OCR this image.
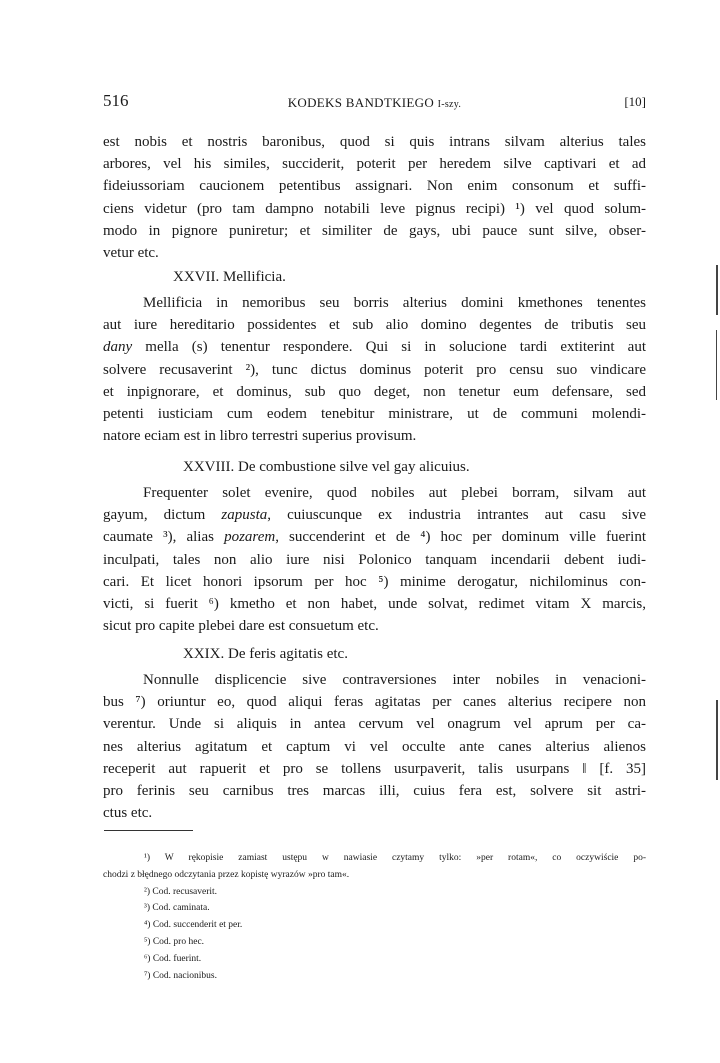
516	KODEKS BANDTKIEGO I-szy.	[10]
est nobis et nostris baronibus, quod si quis intrans silvam alterius tales
arbores, vel his similes, succiderit, poterit per heredem silve captivari et ad
fideiussoriam caucionem petentibus assignari. Non enim consonum et suffi-
ciens videtur (pro tam dampno notabili leve pignus recipi) ¹) vel quod solum-
modo in pignore puniretur; et similiter de gays, ubi pauce sunt silve, obser-
vetur etc.
XXVII. Mellificia.
Mellificia in nemoribus seu borris alterius domini kmethones tenentes
aut iure hereditario possidentes et sub alio domino degentes de tributis seu
dany mella (s) tenentur respondere. Qui si in solucione tardi extiterint aut
solvere recusaverint ²), tunc dictus dominus poterit pro censu suo vindicare
et inpignorare, et dominus, sub quo deget, non tenetur eum defensare, sed
petenti iusticiam cum eodem tenebitur ministrare, ut de communi molendi-
natore eciam est in libro terrestri superius provisum.
XXVIII. De combustione silve vel gay alicuius.
Frequenter solet evenire, quod nobiles aut plebei borram, silvam aut
gayum, dictum zapusta, cuiuscunque ex industria intrantes aut casu sive
caumate ³), alias pozarem, succenderint et de ⁴) hoc per dominum ville fuerint
inculpati, tales non alio iure nisi Polonico tanquam incendarii debent iudi-
cari. Et licet honori ipsorum per hoc ⁵) minime derogatur, nichilominus con-
victi, si fuerit ⁶) kmetho et non habet, unde solvat, redimet vitam X marcis,
sicut pro capite plebei dare est consuetum etc.
XXIX. De feris agitatis etc.
Nonnulle displicencie sive contraversiones inter nobiles in venacioni-
bus ⁷) oriuntur eo, quod aliqui feras agitatas per canes alterius recipere non
verentur. Unde si aliquis in antea cervum vel onagrum vel aprum per ca-
nes alterius agitatum et captum vi vel occulte ante canes alterius alienos
receperit aut rapuerit et pro se tollens usurpaverit, talis usurpans ‖ [f. 35]
pro ferinis seu carnibus tres marcas illi, cuius fera est, solvere sit astri-
ctus etc.
¹) W rękopisie zamiast ustępu w nawiasie czytamy tylko: »per rotam«, co oczywiście po-
chodzi z błędnego odczytania przez kopistę wyrazów »pro tam«.
²) Cod. recusaverit.
³) Cod. caminata.
⁴) Cod. succenderit et per.
⁵) Cod. pro hec.
⁶) Cod. fuerint.
⁷) Cod. nacionibus.
